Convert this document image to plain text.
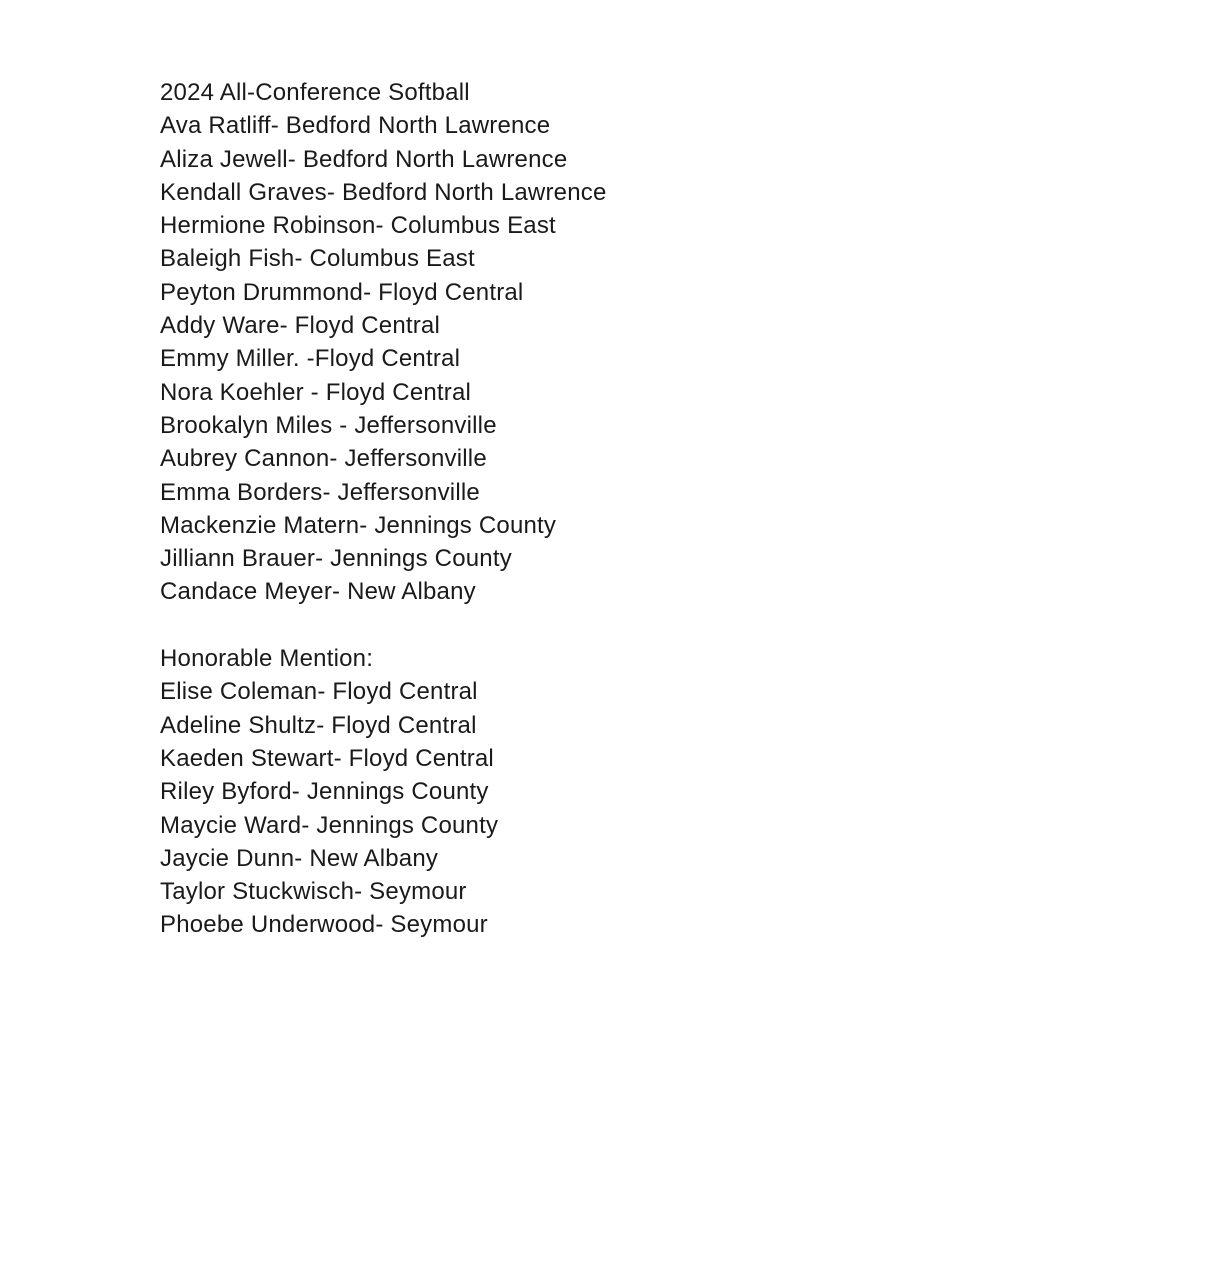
2024 All-Conference Softball
Ava Ratliff- Bedford North Lawrence
Aliza Jewell- Bedford North Lawrence
Kendall Graves- Bedford North Lawrence
Hermione Robinson- Columbus East
Baleigh Fish- Columbus East
Peyton Drummond- Floyd Central
Addy Ware- Floyd Central
Emmy Miller. -Floyd Central
Nora Koehler - Floyd Central
Brookalyn Miles - Jeffersonville
Aubrey Cannon- Jeffersonville
Emma Borders- Jeffersonville
Mackenzie Matern- Jennings County
Jilliann Brauer- Jennings County
Candace Meyer- New Albany
Honorable Mention:
Elise Coleman- Floyd Central
Adeline Shultz- Floyd Central
Kaeden Stewart- Floyd Central
Riley Byford- Jennings County
Maycie Ward- Jennings County
Jaycie Dunn- New Albany
Taylor Stuckwisch- Seymour
Phoebe Underwood- Seymour
